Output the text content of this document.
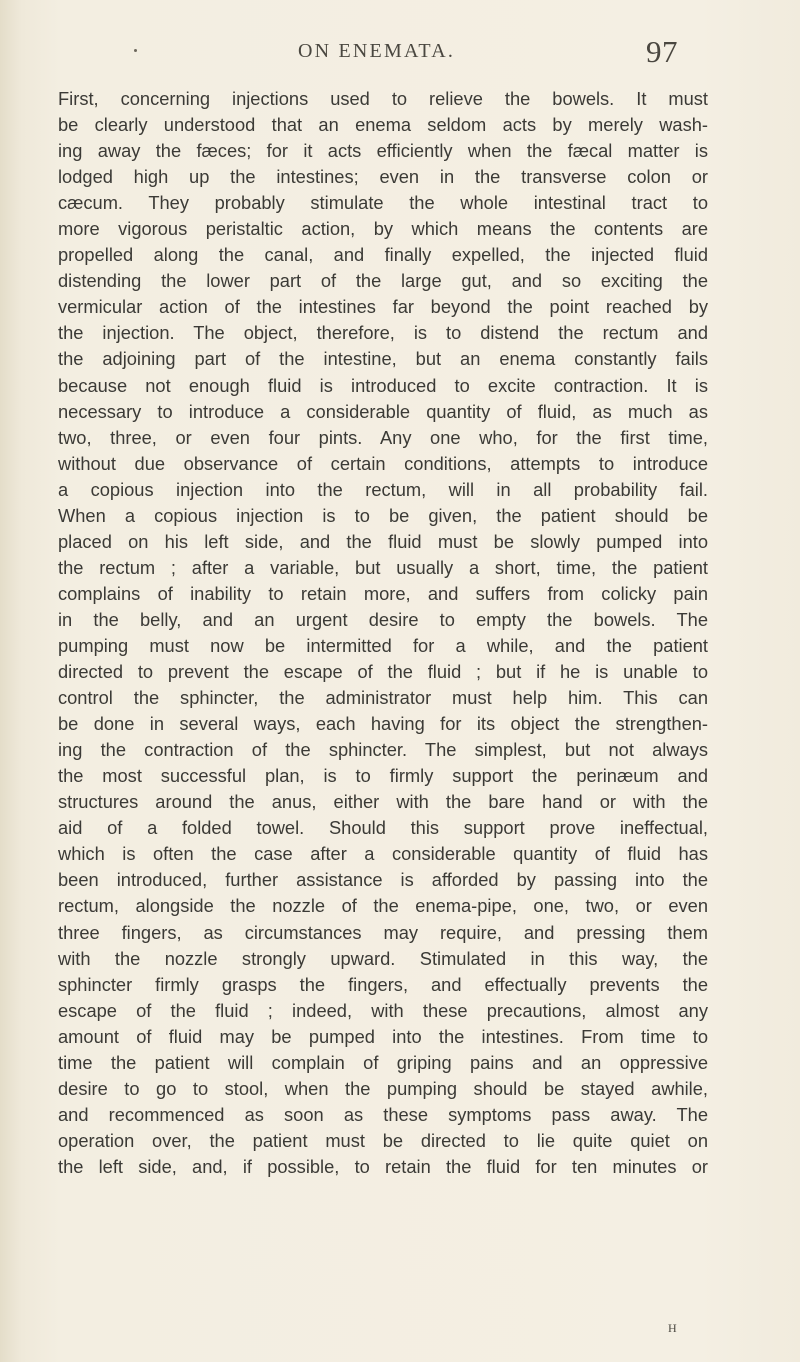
ON ENEMATA.	97
First, concerning injections used to relieve the bowels. It must
be clearly understood that an enema seldom acts by merely wash-
ing away the fæces; for it acts efficiently when the fæcal matter is
lodged high up the intestines; even in the transverse colon or
cæcum. They probably stimulate the whole intestinal tract to
more vigorous peristaltic action, by which means the contents are
propelled along the canal, and finally expelled, the injected fluid
distending the lower part of the large gut, and so exciting the
vermicular action of the intestines far beyond the point reached by
the injection. The object, therefore, is to distend the rectum and
the adjoining part of the intestine, but an enema constantly fails
because not enough fluid is introduced to excite contraction. It is
necessary to introduce a considerable quantity of fluid, as much as
two, three, or even four pints. Any one who, for the first time,
without due observance of certain conditions, attempts to introduce
a copious injection into the rectum, will in all probability fail.
When a copious injection is to be given, the patient should be
placed on his left side, and the fluid must be slowly pumped into
the rectum ; after a variable, but usually a short, time, the patient
complains of inability to retain more, and suffers from colicky pain
in the belly, and an urgent desire to empty the bowels. The
pumping must now be intermitted for a while, and the patient
directed to prevent the escape of the fluid ; but if he is unable to
control the sphincter, the administrator must help him. This can
be done in several ways, each having for its object the strengthen-
ing the contraction of the sphincter. The simplest, but not always
the most successful plan, is to firmly support the perinæum and
structures around the anus, either with the bare hand or with the
aid of a folded towel. Should this support prove ineffectual,
which is often the case after a considerable quantity of fluid has
been introduced, further assistance is afforded by passing into the
rectum, alongside the nozzle of the enema-pipe, one, two, or even
three fingers, as circumstances may require, and pressing them
with the nozzle strongly upward. Stimulated in this way, the
sphincter firmly grasps the fingers, and effectually prevents the
escape of the fluid ; indeed, with these precautions, almost any
amount of fluid may be pumped into the intestines. From time to
time the patient will complain of griping pains and an oppressive
desire to go to stool, when the pumping should be stayed awhile,
and recommenced as soon as these symptoms pass away. The
operation over, the patient must be directed to lie quite quiet on
the left side, and, if possible, to retain the fluid for ten minutes or
H
